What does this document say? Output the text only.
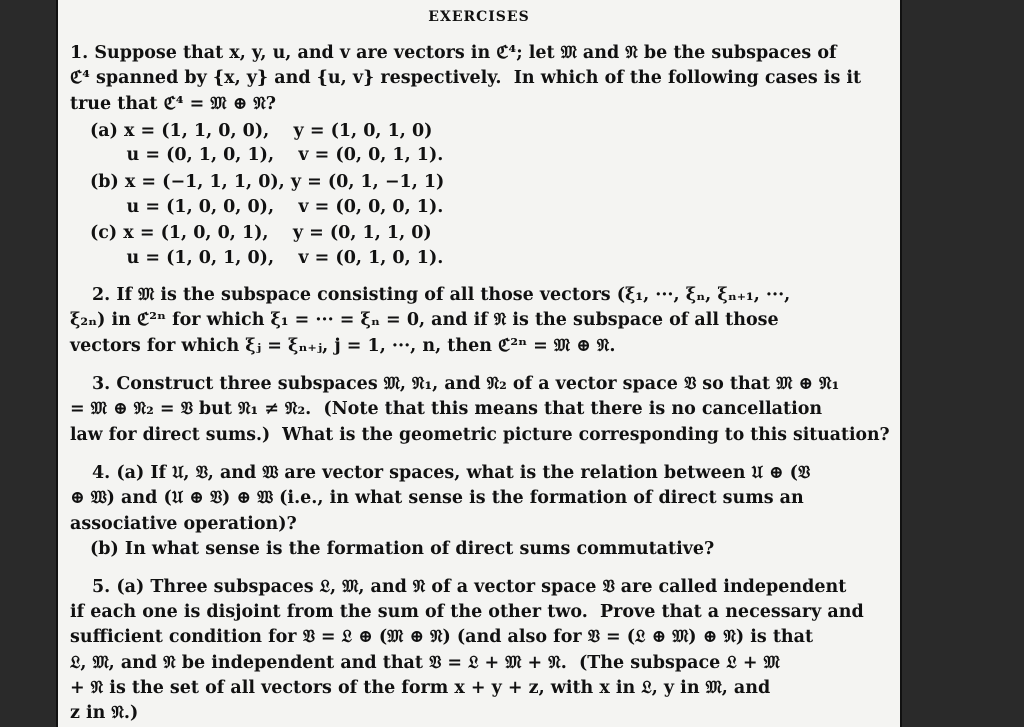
EXERCISES
1. Suppose that x, y, u, and v are vectors in ℭ⁴; let 𝔐 and 𝔑 be the subspaces of
ℭ⁴ spanned by {x, y} and {u, v} respectively.  In which of the following cases is it
true that ℭ⁴ = 𝔐 ⊕ 𝔑?
(a) x = (1, 1, 0, 0),    y = (1, 0, 1, 0)
u = (0, 1, 0, 1),    v = (0, 0, 1, 1).
(b) x = (−1, 1, 1, 0), y = (0, 1, −1, 1)
u = (1, 0, 0, 0),    v = (0, 0, 0, 1).
(c) x = (1, 0, 0, 1),    y = (0, 1, 1, 0)
u = (1, 0, 1, 0),    v = (0, 1, 0, 1).
2. If 𝔐 is the subspace consisting of all those vectors (ξ₁, ···, ξₙ, ξₙ₊₁, ···,
ξ₂ₙ) in ℭ²ⁿ for which ξ₁ = ··· = ξₙ = 0, and if 𝔑 is the subspace of all those
vectors for which ξⱼ = ξₙ₊ⱼ, j = 1, ···, n, then ℭ²ⁿ = 𝔐 ⊕ 𝔑.
3. Construct three subspaces 𝔐, 𝔑₁, and 𝔑₂ of a vector space 𝔙 so that 𝔐 ⊕ 𝔑₁
= 𝔐 ⊕ 𝔑₂ = 𝔙 but 𝔑₁ ≠ 𝔑₂.  (Note that this means that there is no cancellation
law for direct sums.)  What is the geometric picture corresponding to this situation?
4. (a) If 𝔘, 𝔙, and 𝔚 are vector spaces, what is the relation between 𝔘 ⊕ (𝔙
⊕ 𝔚) and (𝔘 ⊕ 𝔙) ⊕ 𝔚 (i.e., in what sense is the formation of direct sums an
associative operation)?
(b) In what sense is the formation of direct sums commutative?
5. (a) Three subspaces 𝔏, 𝔐, and 𝔑 of a vector space 𝔙 are called independent
if each one is disjoint from the sum of the other two.  Prove that a necessary and
sufficient condition for 𝔙 = 𝔏 ⊕ (𝔐 ⊕ 𝔑) (and also for 𝔙 = (𝔏 ⊕ 𝔐) ⊕ 𝔑) is that
𝔏, 𝔐, and 𝔑 be independent and that 𝔙 = 𝔏 + 𝔐 + 𝔑.  (The subspace 𝔏 + 𝔐
+ 𝔑 is the set of all vectors of the form x + y + z, with x in 𝔏, y in 𝔐, and
z in 𝔑.)
